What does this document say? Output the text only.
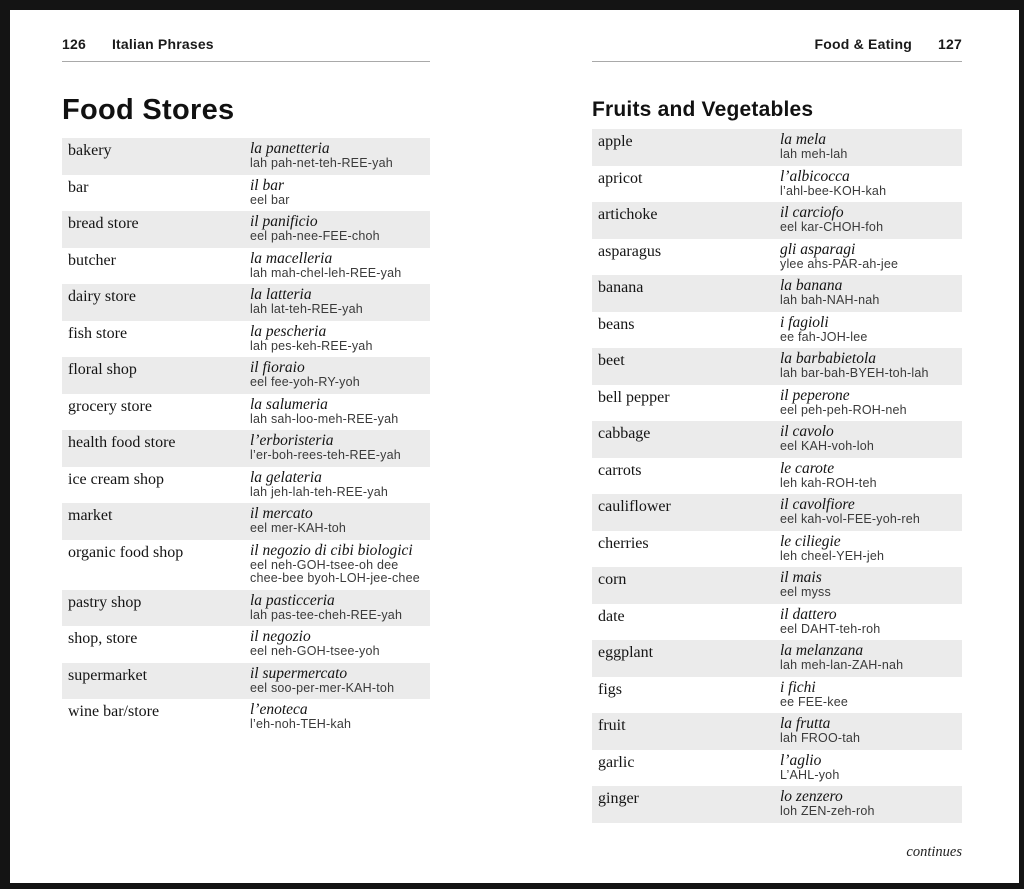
126 Italian Phrases
Food Stores
bakery	la panetteria
lah pah-net-teh-REE-yah
bar	il bar
eel bar
bread store	il panificio
eel pah-nee-FEE-choh
butcher	la macelleria
lah mah-chel-leh-REE-yah
dairy store	la latteria
lah lat-teh-REE-yah
fish store	la pescheria
lah pes-keh-REE-yah
floral shop	il fioraio
eel fee-yoh-RY-yoh
grocery store	la salumeria
lah sah-loo-meh-REE-yah
health food store	l’erboristeria
l’er-boh-rees-teh-REE-yah
ice cream shop	la gelateria
lah jeh-lah-teh-REE-yah
market	il mercato
eel mer-KAH-toh
organic food shop	il negozio di cibi biologici
eel neh-GOH-tsee-oh dee chee-bee byoh-LOH-jee-chee
pastry shop	la pasticceria
lah pas-tee-cheh-REE-yah
shop, store	il negozio
eel neh-GOH-tsee-yoh
supermarket	il supermercato
eel soo-per-mer-KAH-toh
wine bar/store	l’enoteca
l’eh-noh-TEH-kah
Food & Eating 127
Fruits and Vegetables
apple	la mela
lah meh-lah
apricot	l’albicocca
l’ahl-bee-KOH-kah
artichoke	il carciofo
eel kar-CHOH-foh
asparagus	gli asparagi
ylee ahs-PAR-ah-jee
banana	la banana
lah bah-NAH-nah
beans	i fagioli
ee fah-JOH-lee
beet	la barbabietola
lah bar-bah-BYEH-toh-lah
bell pepper	il peperone
eel peh-peh-ROH-neh
cabbage	il cavolo
eel KAH-voh-loh
carrots	le carote
leh kah-ROH-teh
cauliflower	il cavolfiore
eel kah-vol-FEE-yoh-reh
cherries	le ciliegie
leh cheel-YEH-jeh
corn	il mais
eel myss
date	il dattero
eel DAHT-teh-roh
eggplant	la melanzana
lah meh-lan-ZAH-nah
figs	i fichi
ee FEE-kee
fruit	la frutta
lah FROO-tah
garlic	l’aglio
L’AHL-yoh
ginger	lo zenzero
loh ZEN-zeh-roh
continues
